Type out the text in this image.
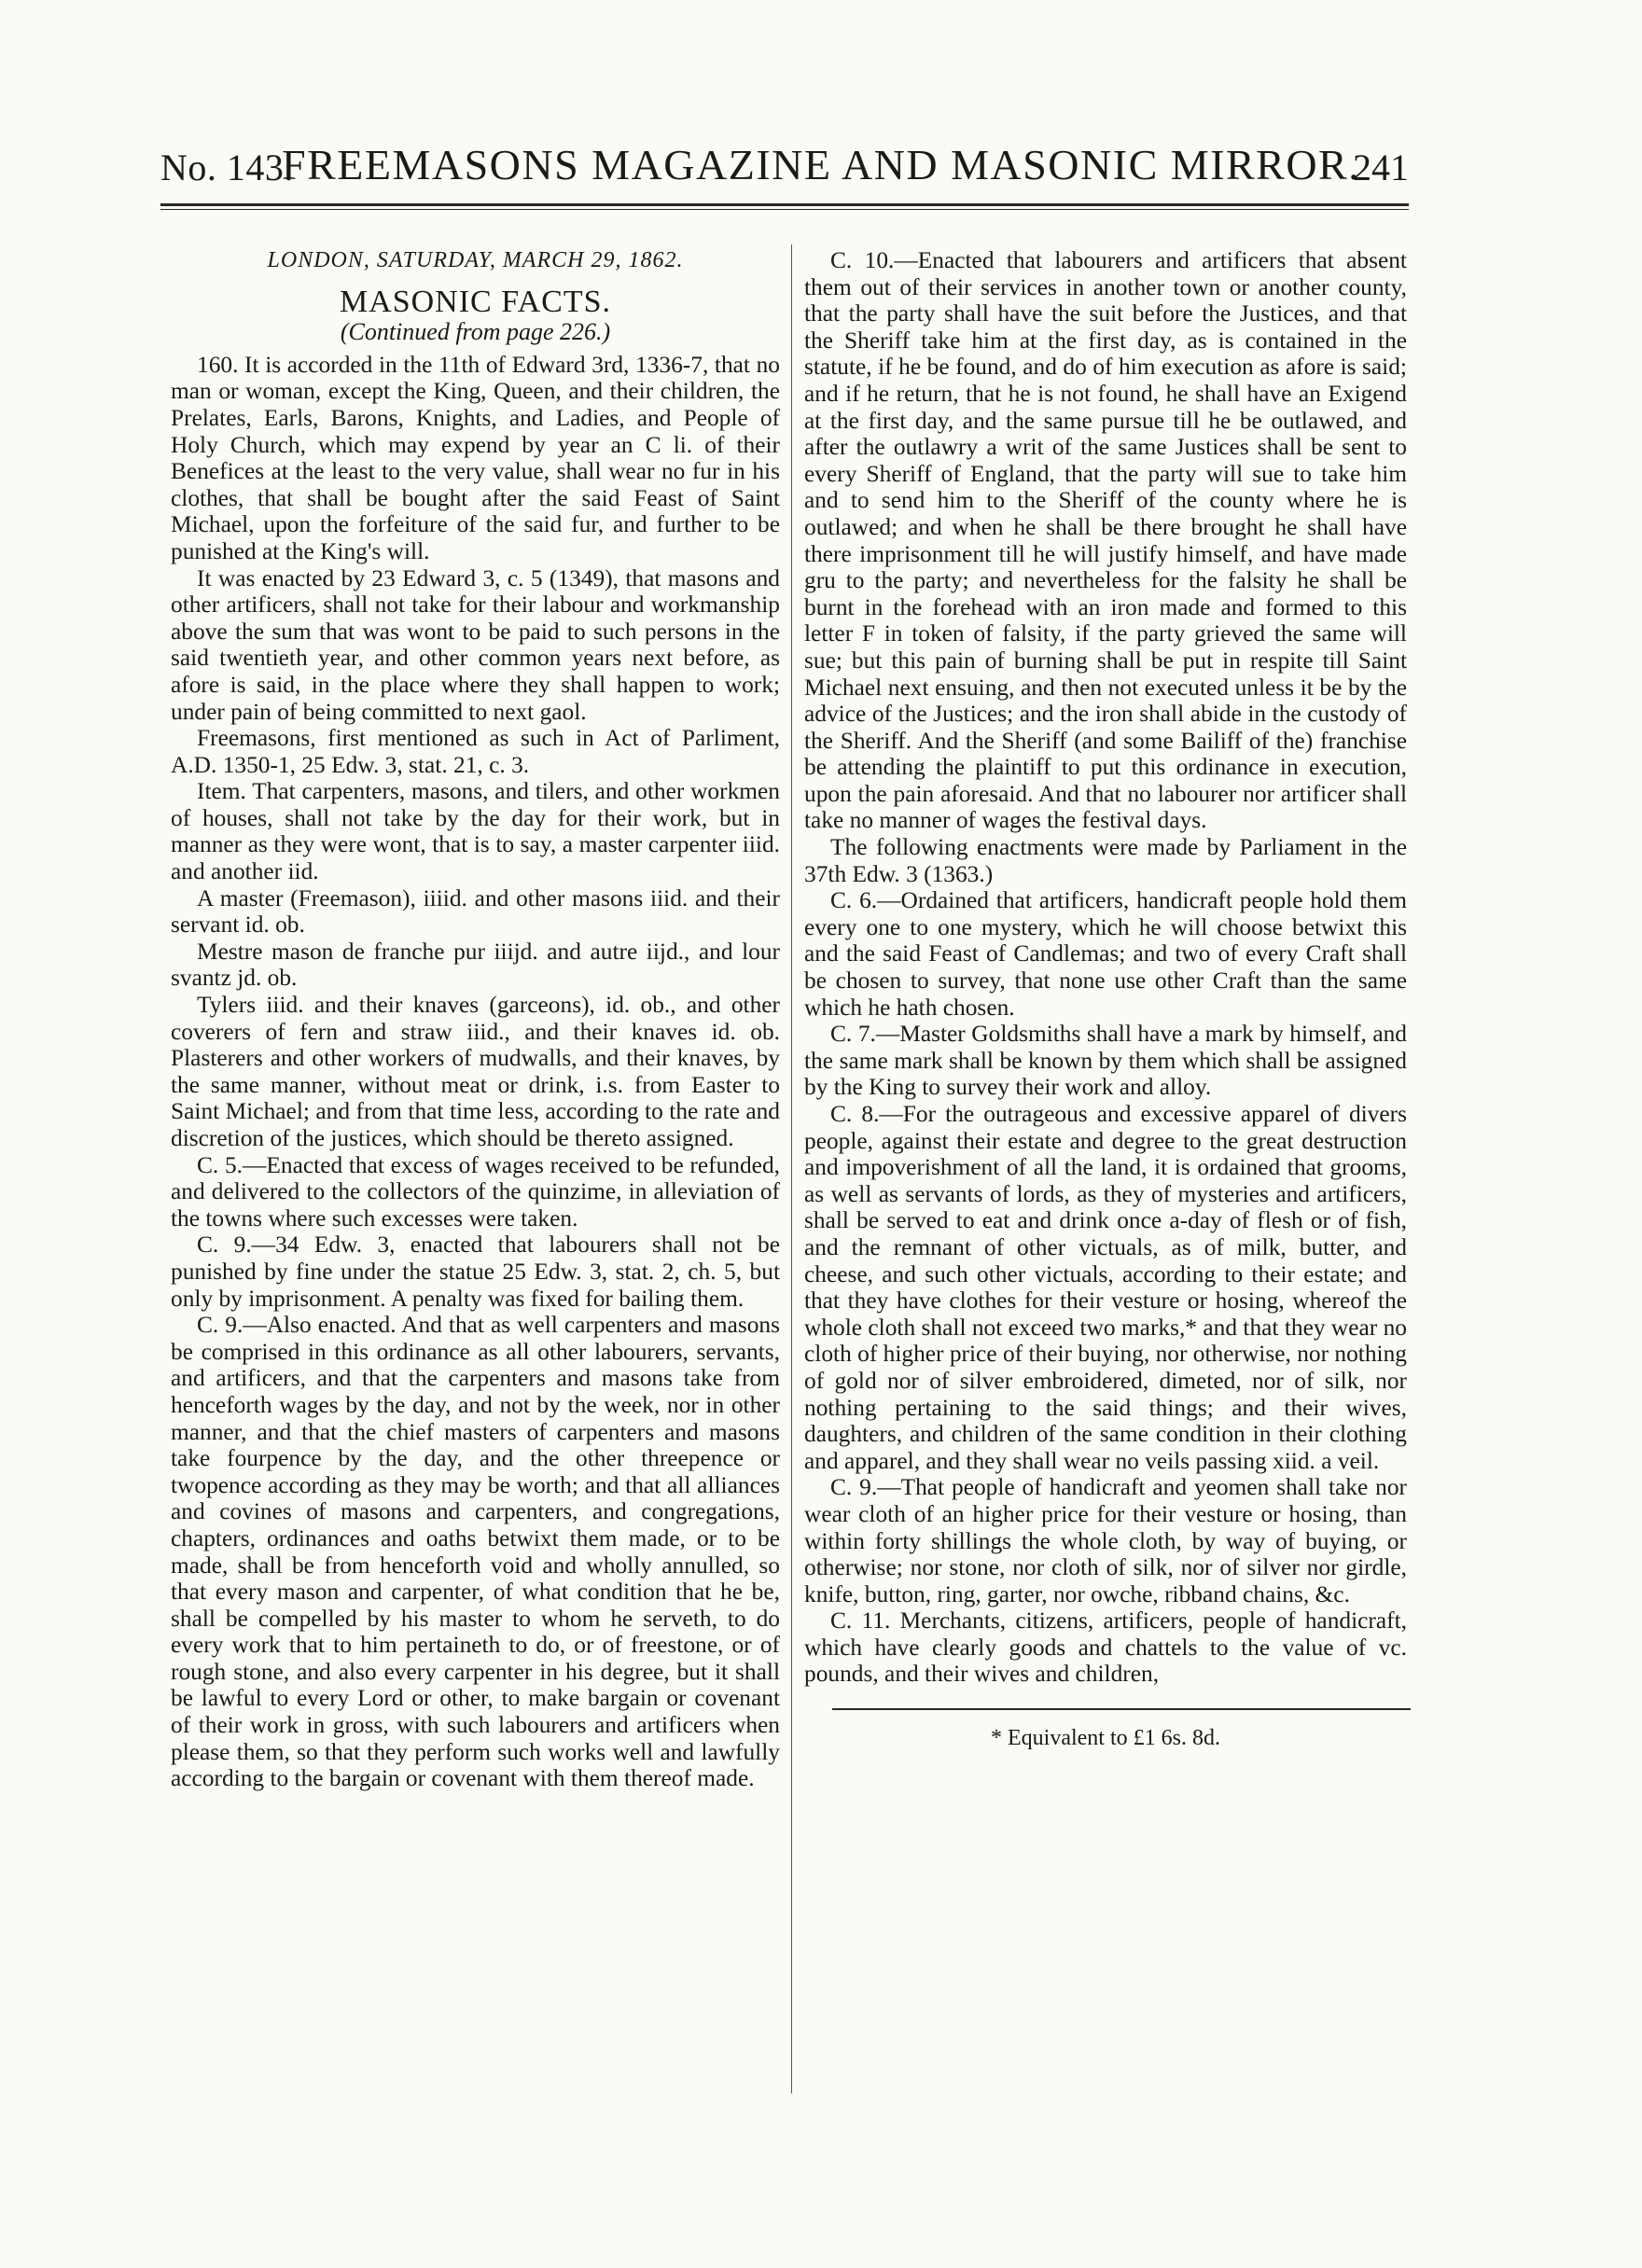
No. 143.
FREEMASONS MAGAZINE AND MASONIC MIRROR.
241
LONDON, SATURDAY, MARCH 29, 1862.
MASONIC FACTS.
(Continued from page 226.)

160. It is accorded in the 11th of Edward 3rd, 1336-7, that no man or woman, except the King, Queen, and their children, the Prelates, Earls, Barons, Knights, and Ladies, and People of Holy Church, which may expend by year an C li. of their Benefices at the least to the very value, shall wear no fur in his clothes, that shall be bought after the said Feast of Saint Michael, upon the forfeiture of the said fur, and further to be punished at the King's will.

It was enacted by 23 Edward 3, c. 5 (1349), that masons and other artificers, shall not take for their labour and workmanship above the sum that was wont to be paid to such persons in the said twentieth year, and other common years next before, as afore is said, in the place where they shall happen to work; under pain of being committed to next gaol.

Freemasons, first mentioned as such in Act of Parliment, A.D. 1350-1, 25 Edw. 3, stat. 21, c. 3.

Item. That carpenters, masons, and tilers, and other workmen of houses, shall not take by the day for their work, but in manner as they were wont, that is to say, a master carpenter iiid. and another iid.

A master (Freemason), iiiid. and other masons iiid. and their servant id. ob.

Mestre mason de franche pur iiijd. and autre iijd., and lour svantz jd. ob.

Tylers iiid. and their knaves (garceons), id. ob., and other coverers of fern and straw iiid., and their knaves id. ob. Plasterers and other workers of mudwalls, and their knaves, by the same manner, without meat or drink, i.s. from Easter to Saint Michael; and from that time less, according to the rate and discretion of the justices, which should be thereto assigned.

C. 5.—Enacted that excess of wages received to be refunded, and delivered to the collectors of the quinzime, in alleviation of the towns where such excesses were taken.

C. 9.—34 Edw. 3, enacted that labourers shall not be punished by fine under the statue 25 Edw. 3, stat. 2, ch. 5, but only by imprisonment. A penalty was fixed for bailing them.

C. 9.—Also enacted. And that as well carpenters and masons be comprised in this ordinance as all other labourers, servants, and artificers, and that the carpenters and masons take from henceforth wages by the day, and not by the week, nor in other manner, and that the chief masters of carpenters and masons take fourpence by the day, and the other threepence or twopence according as they may be worth; and that all alliances and covines of masons and carpenters, and congregations, chapters, ordinances and oaths betwixt them made, or to be made, shall be from henceforth void and wholly annulled, so that every mason and carpenter, of what condition that he be, shall be compelled by his master to whom he serveth, to do every work that to him pertaineth to do, or of freestone, or of rough stone, and also every carpenter in his degree, but it shall be lawful to every Lord or other, to make bargain or covenant of their work in gross, with such labourers and artificers when please them, so that they perform such works well and lawfully according to the bargain or covenant with them thereof made.

C. 10.—Enacted that labourers and artificers that absent them out of their services in another town or another county, that the party shall have the suit before the Justices, and that the Sheriff take him at the first day, as is contained in the statute, if he be found, and do of him execution as afore is said; and if he return, that he is not found, he shall have an Exigend at the first day, and the same pursue till he be outlawed, and after the outlawry a writ of the same Justices shall be sent to every Sheriff of England, that the party will sue to take him and to send him to the Sheriff of the county where he is outlawed; and when he shall be there brought he shall have there imprisonment till he will justify himself, and have made gru to the party; and nevertheless for the falsity he shall be burnt in the forehead with an iron made and formed to this letter F in token of falsity, if the party grieved the same will sue; but this pain of burning shall be put in respite till Saint Michael next ensuing, and then not executed unless it be by the advice of the Justices; and the iron shall abide in the custody of the Sheriff. And the Sheriff (and some Bailiff of the) franchise be attending the plaintiff to put this ordinance in execution, upon the pain aforesaid. And that no labourer nor artificer shall take no manner of wages the festival days.

The following enactments were made by Parliament in the 37th Edw. 3 (1363.)

C. 6.—Ordained that artificers, handicraft people hold them every one to one mystery, which he will choose betwixt this and the said Feast of Candlemas; and two of every Craft shall be chosen to survey, that none use other Craft than the same which he hath chosen.

C. 7.—Master Goldsmiths shall have a mark by himself, and the same mark shall be known by them which shall be assigned by the King to survey their work and alloy.

C. 8.—For the outrageous and excessive apparel of divers people, against their estate and degree to the great destruction and impoverishment of all the land, it is ordained that grooms, as well as servants of lords, as they of mysteries and artificers, shall be served to eat and drink once a-day of flesh or of fish, and the remnant of other victuals, as of milk, butter, and cheese, and such other victuals, according to their estate; and that they have clothes for their vesture or hosing, whereof the whole cloth shall not exceed two marks,* and that they wear no cloth of higher price of their buying, nor otherwise, nor nothing of gold nor of silver embroidered, dimeted, nor of silk, nor nothing pertaining to the said things; and their wives, daughters, and children of the same condition in their clothing and apparel, and they shall wear no veils passing xiid. a veil.

C. 9.—That people of handicraft and yeomen shall take nor wear cloth of an higher price for their vesture or hosing, than within forty shillings the whole cloth, by way of buying, or otherwise; nor stone, nor cloth of silk, nor of silver nor girdle, knife, button, ring, garter, nor owche, ribband chains, &c.

C. 11. Merchants, citizens, artificers, people of handicraft, which have clearly goods and chattels to the value of vc. pounds, and their wives and children,

* Equivalent to £1 6s. 8d.
